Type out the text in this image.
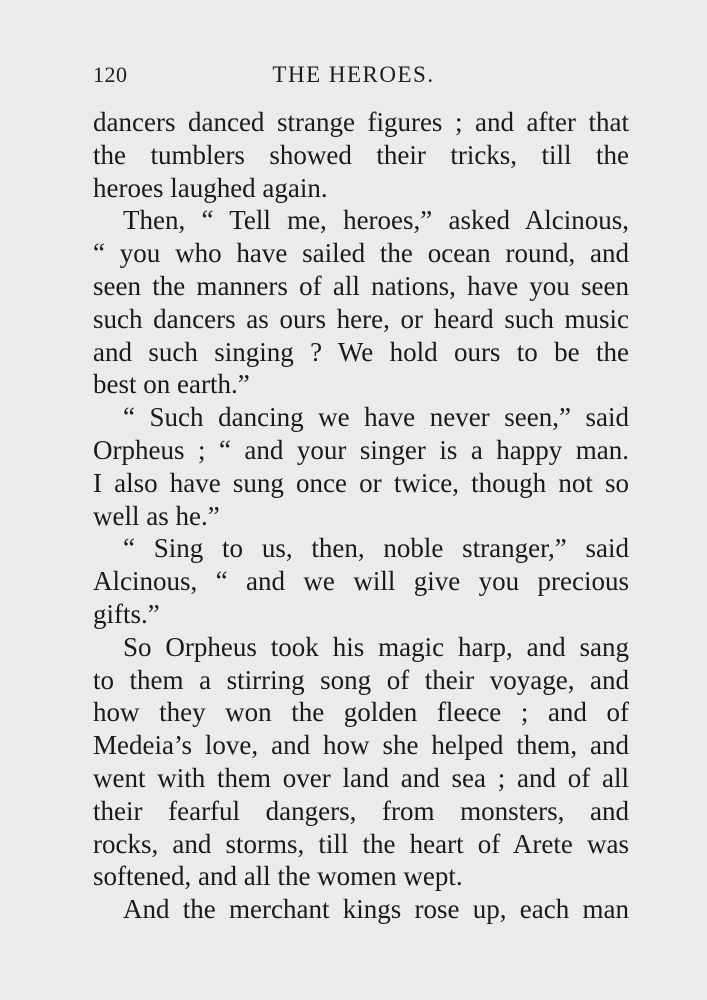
120	THE HEROES.
dancers danced strange figures ; and after that
the tumblers showed their tricks, till the
heroes laughed again.
Then, “ Tell me, heroes,” asked Alcinous,
“ you who have sailed the ocean round, and
seen the manners of all nations, have you seen
such dancers as ours here, or heard such music
and such singing ? We hold ours to be the
best on earth.”
“ Such dancing we have never seen,” said
Orpheus ; “ and your singer is a happy man.
I also have sung once or twice, though not so
well as he.”
“ Sing to us, then, noble stranger,” said
Alcinous, “ and we will give you precious
gifts.”
So Orpheus took his magic harp, and sang
to them a stirring song of their voyage, and
how they won the golden fleece ; and of
Medeia’s love, and how she helped them, and
went with them over land and sea ; and of all
their fearful dangers, from monsters, and
rocks, and storms, till the heart of Arete was
softened, and all the women wept.
And the merchant kings rose up, each man
